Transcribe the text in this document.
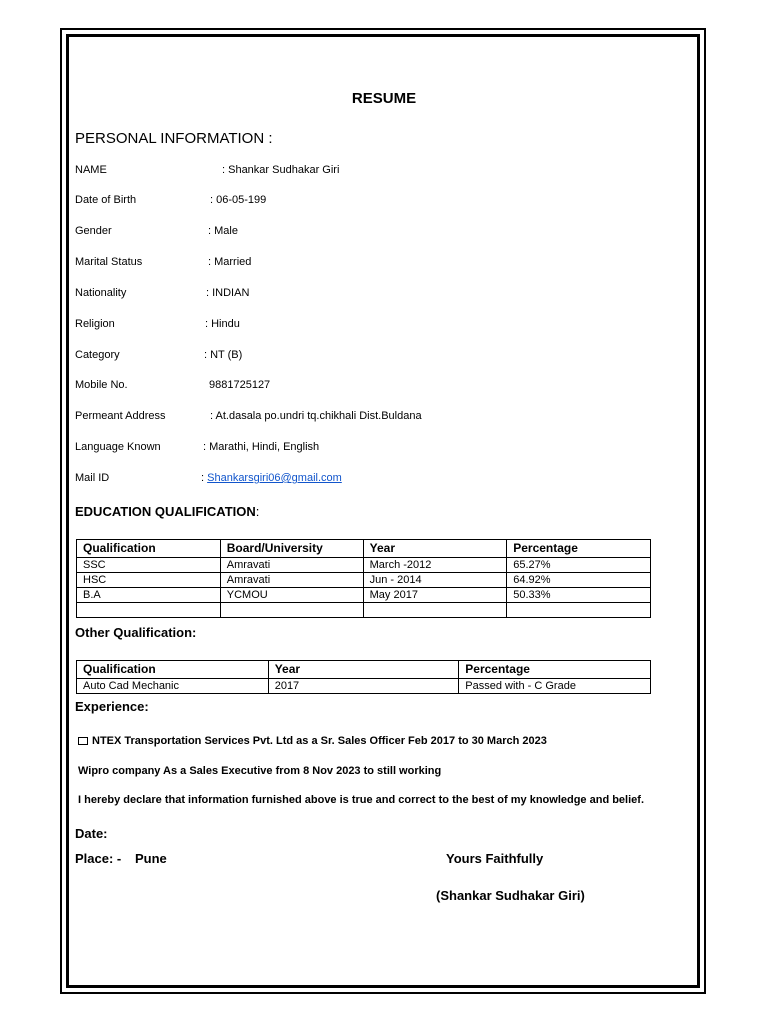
RESUME
PERSONAL INFORMATION :
NAME	: Shankar Sudhakar Giri
Date of Birth	: 06-05-199
Gender	: Male
Marital Status	: Married
Nationality	: INDIAN
Religion	: Hindu
Category	: NT (B)
Mobile No.	9881725127
Permeant Address	: At.dasala po.undri tq.chikhali Dist.Buldana
Language Known	: Marathi, Hindi, English
Mail ID	: Shankarsgiri06@gmail.com
EDUCATION QUALIFICATION:
Qualification	Board/University	Year	Percentage
SSC	Amravati	March -2012	65.27%
HSC	Amravati	Jun - 2014	64.92%
B.A	YCMOU	May 2017	50.33%

Other Qualification:
Qualification	Year	Percentage
Auto Cad Mechanic	2017	Passed with - C Grade
Experience:
NTEX Transportation Services Pvt. Ltd as a Sr. Sales Officer Feb 2017 to 30 March 2023
Wipro company As a Sales Executive from 8 Nov 2023 to still working
I hereby declare that information furnished above is true and correct to the best of my knowledge and belief.
Date:
Place: - Pune	Yours Faithfully
(Shankar Sudhakar Giri)
